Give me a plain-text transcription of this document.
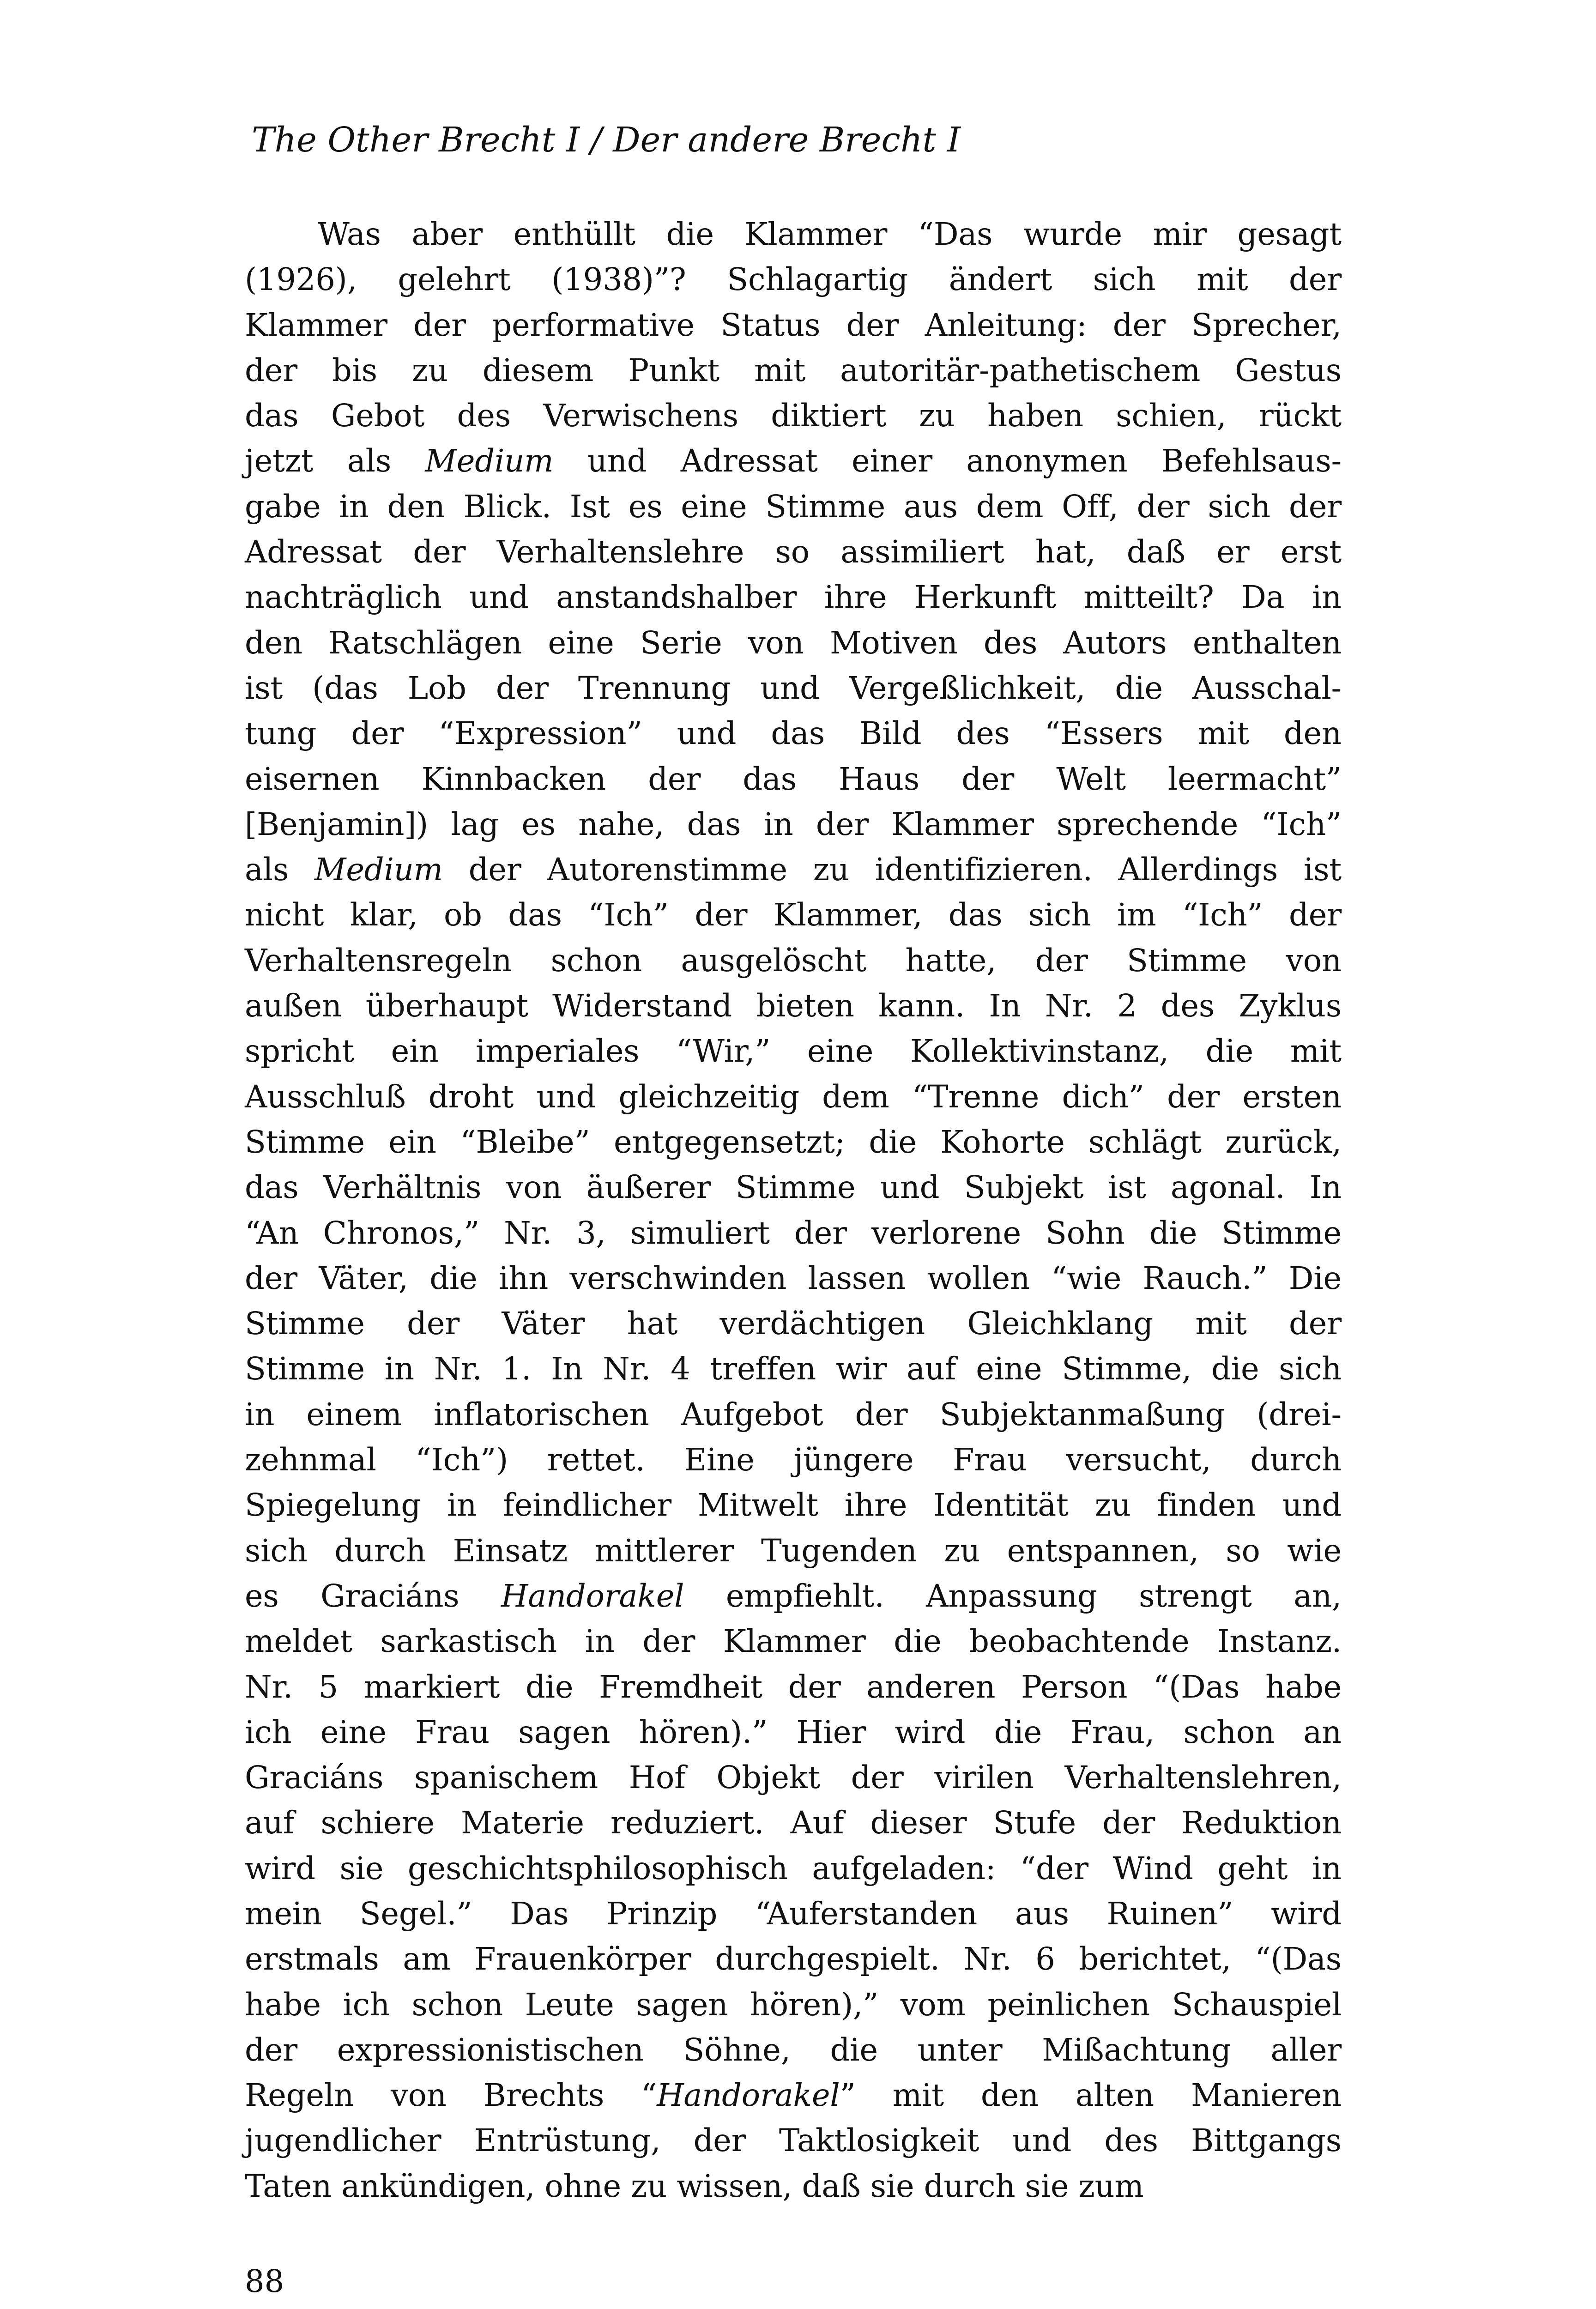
The Other Brecht I / Der andere Brecht I
Was aber enthüllt die Klammer “Das wurde mir gesagt
(1926), gelehrt (1938)”? Schlagartig ändert sich mit der
Klammer der performative Status der Anleitung: der Sprecher,
der bis zu diesem Punkt mit autoritär-pathetischem Gestus
das Gebot des Verwischens diktiert zu haben schien, rückt
jetzt als Medium und Adressat einer anonymen Befehlsaus-
gabe in den Blick. Ist es eine Stimme aus dem Off, der sich der
Adressat der Verhaltenslehre so assimiliert hat, daß er erst
nachträglich und anstandshalber ihre Herkunft mitteilt? Da in
den Ratschlägen eine Serie von Motiven des Autors enthalten
ist (das Lob der Trennung und Vergeßlichkeit, die Ausschal-
tung der “Expression” und das Bild des “Essers mit den
eisernen Kinnbacken der das Haus der Welt leermacht”
[Benjamin]) lag es nahe, das in der Klammer sprechende “Ich”
als Medium der Autorenstimme zu identifizieren. Allerdings ist
nicht klar, ob das “Ich” der Klammer, das sich im “Ich” der
Verhaltensregeln schon ausgelöscht hatte, der Stimme von
außen überhaupt Widerstand bieten kann. In Nr. 2 des Zyklus
spricht ein imperiales “Wir,” eine Kollektivinstanz, die mit
Ausschluß droht und gleichzeitig dem “Trenne dich” der ersten
Stimme ein “Bleibe” entgegensetzt; die Kohorte schlägt zurück,
das Verhältnis von äußerer Stimme und Subjekt ist agonal. In
“An Chronos,” Nr. 3, simuliert der verlorene Sohn die Stimme
der Väter, die ihn verschwinden lassen wollen “wie Rauch.” Die
Stimme der Väter hat verdächtigen Gleichklang mit der
Stimme in Nr. 1. In Nr. 4 treffen wir auf eine Stimme, die sich
in einem inflatorischen Aufgebot der Subjektanmaßung (drei-
zehnmal “Ich”) rettet. Eine jüngere Frau versucht, durch
Spiegelung in feindlicher Mitwelt ihre Identität zu finden und
sich durch Einsatz mittlerer Tugenden zu entspannen, so wie
es Graciáns Handorakel empfiehlt. Anpassung strengt an,
meldet sarkastisch in der Klammer die beobachtende Instanz.
Nr. 5 markiert die Fremdheit der anderen Person “(Das habe
ich eine Frau sagen hören).” Hier wird die Frau, schon an
Graciáns spanischem Hof Objekt der virilen Verhaltenslehren,
auf schiere Materie reduziert. Auf dieser Stufe der Reduktion
wird sie geschichtsphilosophisch aufgeladen: “der Wind geht in
mein Segel.” Das Prinzip “Auferstanden aus Ruinen” wird
erstmals am Frauenkörper durchgespielt. Nr. 6 berichtet, “(Das
habe ich schon Leute sagen hören),” vom peinlichen Schauspiel
der expressionistischen Söhne, die unter Mißachtung aller
Regeln von Brechts “Handorakel” mit den alten Manieren
jugendlicher Entrüstung, der Taktlosigkeit und des Bittgangs
Taten ankündigen, ohne zu wissen, daß sie durch sie zum
88
